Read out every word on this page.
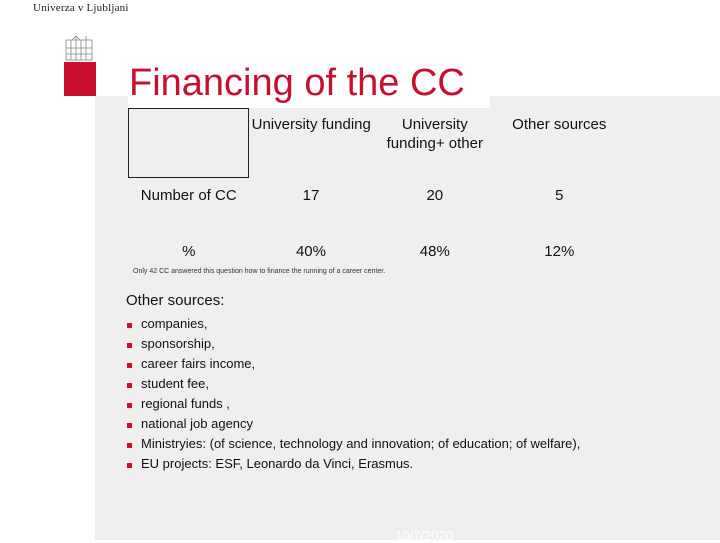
Univerza v Ljubljani
Financing of the CC
	University funding	University funding+ other	Other sources
Number of CC	17	20	5
%	40%	48%	12%
Only 42 CC answered this question how to finance the running of a career center.
Other sources:
companies,
sponsorship,
career fairs income,
student fee,
regional funds ,
national job agency
Ministryies: (of science, technology and innovation; of education; of welfare),
EU projects: ESF, Leonardo da Vinci, Erasmus.
10/7/2020
